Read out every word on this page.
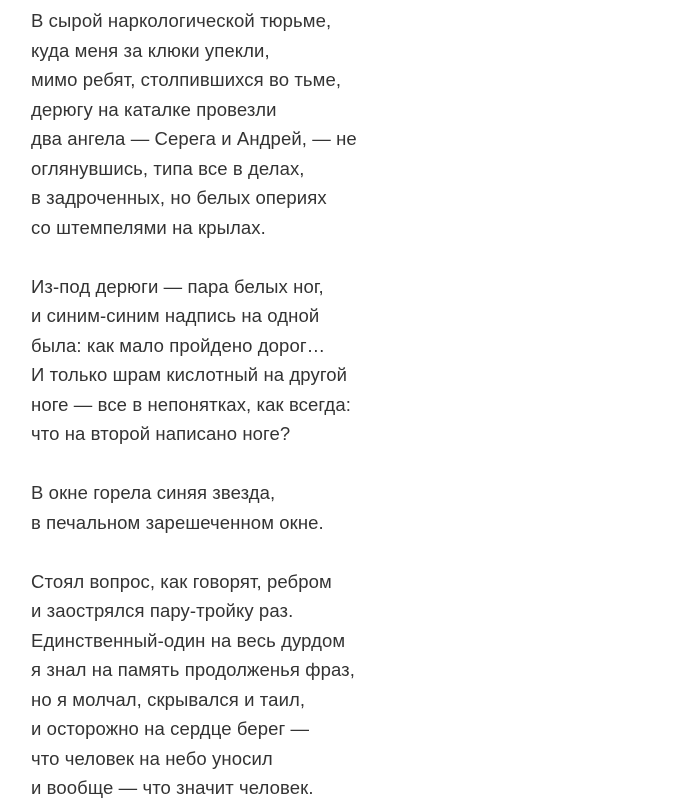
В сырой наркологической тюрьме,
куда меня за клюки упекли,
мимо ребят, столпившихся во тьме,
дерюгу на каталке провезли
два ангела — Серега и Андрей, — не
оглянувшись, типа все в делах,
в задроченных, но белых опериях
со штемпелями на крылах.

Из-под дерюги — пара белых ног,
и синим-синим надпись на одной
была: как мало пройдено дорог…
И только шрам кислотный на другой
ноге — все в непонятках, как всегда:
что на второй написано ноге?

В окне горела синяя звезда,
в печальном зарешеченном окне.

Стоял вопрос, как говорят, ребром
и заострялся пару-тройку раз.
Единственный-один на весь дурдом
я знал на память продолженья фраз,
но я молчал, скрывался и таил,
и осторожно на сердце берег —
что человек на небо уносил
и вообще — что значит человек.
